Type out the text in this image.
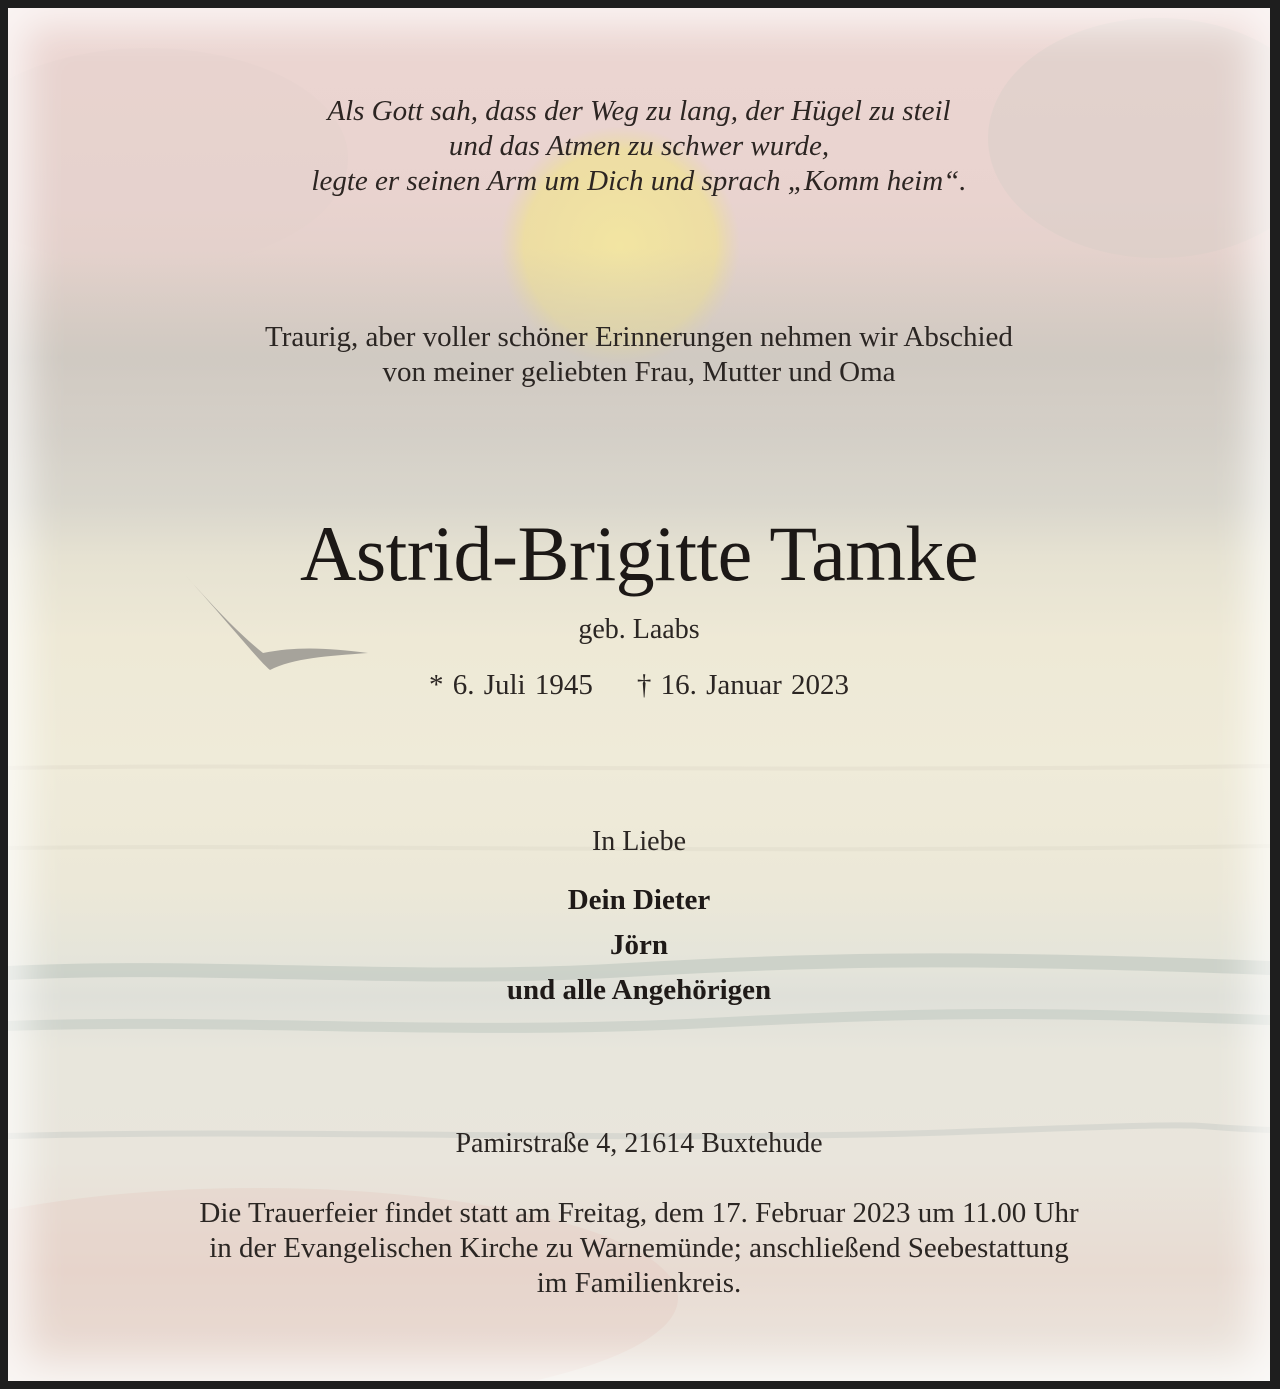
Als Gott sah, dass der Weg zu lang, der Hügel zu steil
und das Atmen zu schwer wurde,
legte er seinen Arm um Dich und sprach „Komm heim“.
Traurig, aber voller schöner Erinnerungen nehmen wir Abschied
von meiner geliebten Frau, Mutter und Oma
Astrid-Brigitte Tamke
geb. Laabs
* 6. Juli 1945 † 16. Januar 2023
In Liebe
Dein Dieter
Jörn
und alle Angehörigen
Pamirstraße 4, 21614 Buxtehude
Die Trauerfeier findet statt am Freitag, dem 17. Februar 2023 um 11.00 Uhr
in der Evangelischen Kirche zu Warnemünde; anschließend Seebestattung
im Familienkreis.
